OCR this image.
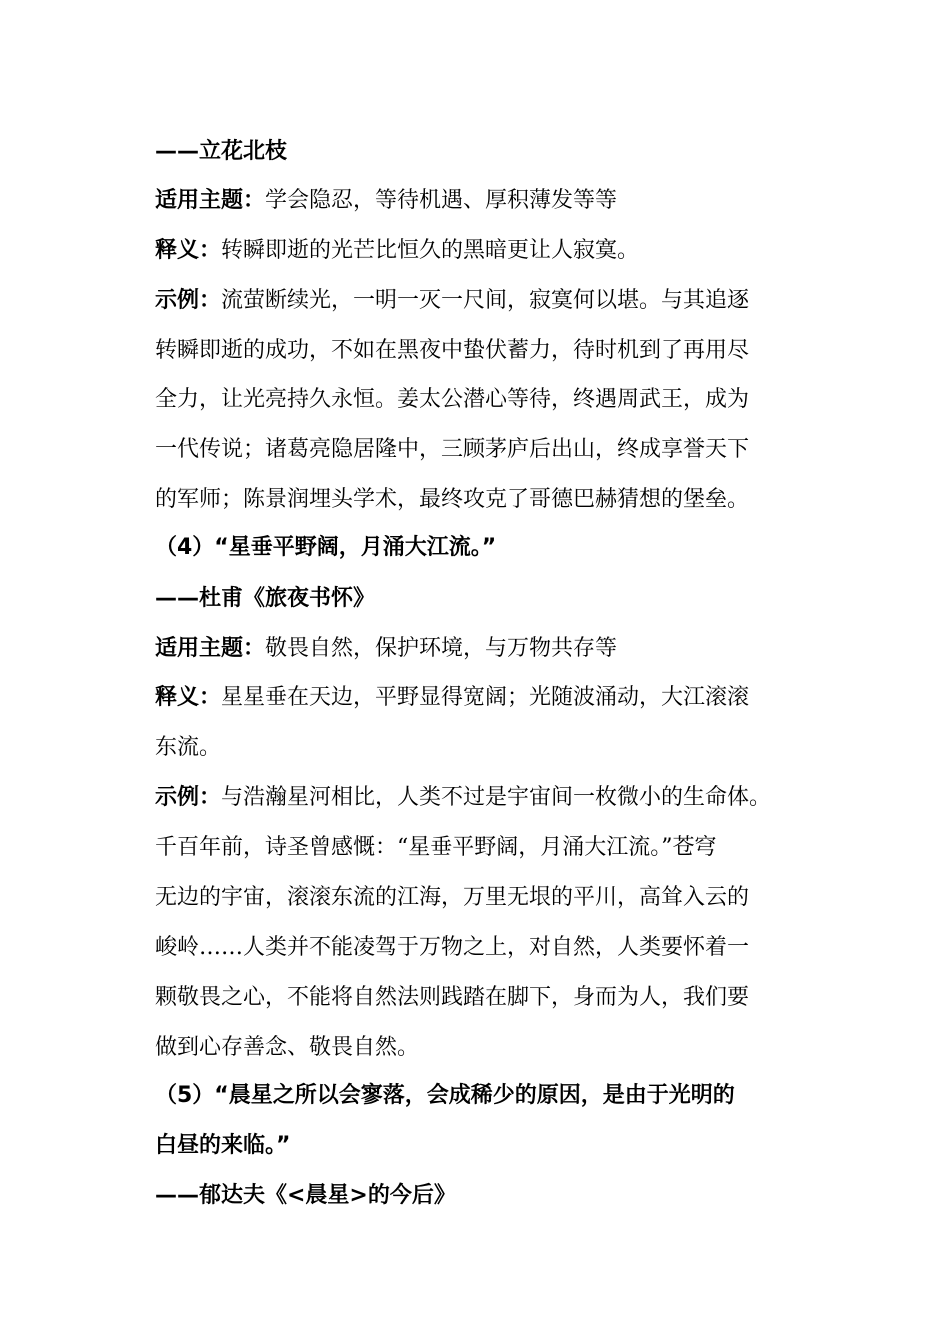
——立花北枝
适用主题：学会隐忍，等待机遇、厚积薄发等等
释义：转瞬即逝的光芒比恒久的黑暗更让人寂寞。
示例：流萤断续光，一明一灭一尺间，寂寞何以堪。与其追逐
转瞬即逝的成功，不如在黑夜中蛰伏蓄力，待时机到了再用尽
全力，让光亮持久永恒。姜太公潜心等待，终遇周武王，成为
一代传说；诸葛亮隐居隆中，三顾茅庐后出山，终成享誉天下
的军师；陈景润埋头学术，最终攻克了哥德巴赫猜想的堡垒。
（4）“星垂平野阔，月涌大江流。”
——杜甫《旅夜书怀》
适用主题：敬畏自然，保护环境，与万物共存等
释义：星星垂在天边，平野显得宽阔；光随波涌动，大江滚滚
东流。
示例：与浩瀚星河相比，人类不过是宇宙间一枚微小的生命体。
千百年前，诗圣曾感慨：“星垂平野阔，月涌大江流。”苍穹
无边的宇宙，滚滚东流的江海，万里无垠的平川，高耸入云的
峻岭……人类并不能凌驾于万物之上，对自然，人类要怀着一
颗敬畏之心，不能将自然法则践踏在脚下，身而为人，我们要
做到心存善念、敬畏自然。
（5）“晨星之所以会寥落，会成稀少的原因，是由于光明的
白昼的来临。”
——郁达夫《<晨星>的今后》
